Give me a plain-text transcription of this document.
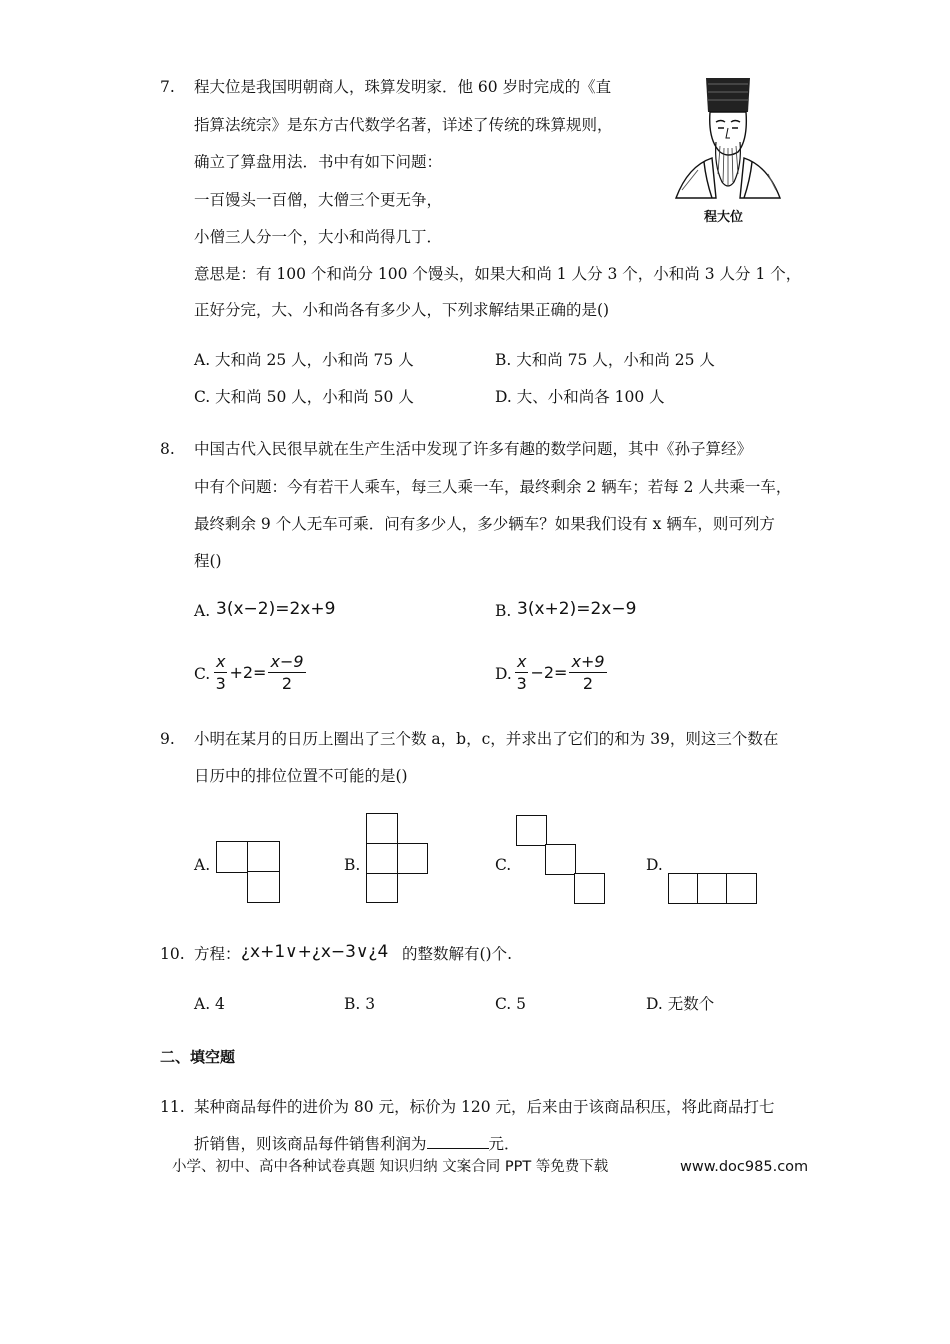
7. 程大位是我国明朝商人，珠算发明家．他 60 岁时完成的《直
指算法统宗》是东方古代数学名著，详述了传统的珠算规则，
确立了算盘用法．书中有如下问题：
一百馒头一百僧，大僧三个更无争，
小僧三人分一个，大小和尚得几丁．
意思是：有 100 个和尚分 100 个馒头，如果大和尚 1 人分 3 个，小和尚 3 人分 1 个，
正好分完，大、小和尚各有多少人，下列求解结果正确的是()
程大位
A. 大和尚 25 人，小和尚 75 人	B. 大和尚 75 人，小和尚 25 人
C. 大和尚 50 人，小和尚 50 人	D. 大、小和尚各 100 人
8. 中国古代入民很早就在生产生活中发现了许多有趣的数学问题，其中《孙子算经》
中有个问题：今有若干人乘车，每三人乘一车，最终剩余 2 辆车；若每 2 人共乘一车，
最终剩余 9 个人无车可乘．问有多少人，多少辆车？如果我们设有 x 辆车，则可列方
程()
A. 3(x−2)=2x+9	B. 3(x+2)=2x−9
C. $\frac{x}{3} +2= \frac{x-9}{2}$	D. $\frac{x}{3} -2= \frac{x+9}{2}$
9. 小明在某月的日历上圈出了三个数 a，b，c，并求出了它们的和为 39，则这三个数在
日历中的排位位置不可能的是()
A.	B.	C.	D.
10. 方程： ¿x+1∨+¿x−3∨¿4 的整数解有()个.
A. 4	B. 3	C. 5	D. 无数个
二、填空题
11. 某种商品每件的进价为 80 元，标价为 120 元，后来由于该商品积压，将此商品打七
折销售，则该商品每件销售利润为	元．
小学、初中、高中各种试卷真题 知识归纳 文案合同 PPT 等免费下载	www.doc985.com
